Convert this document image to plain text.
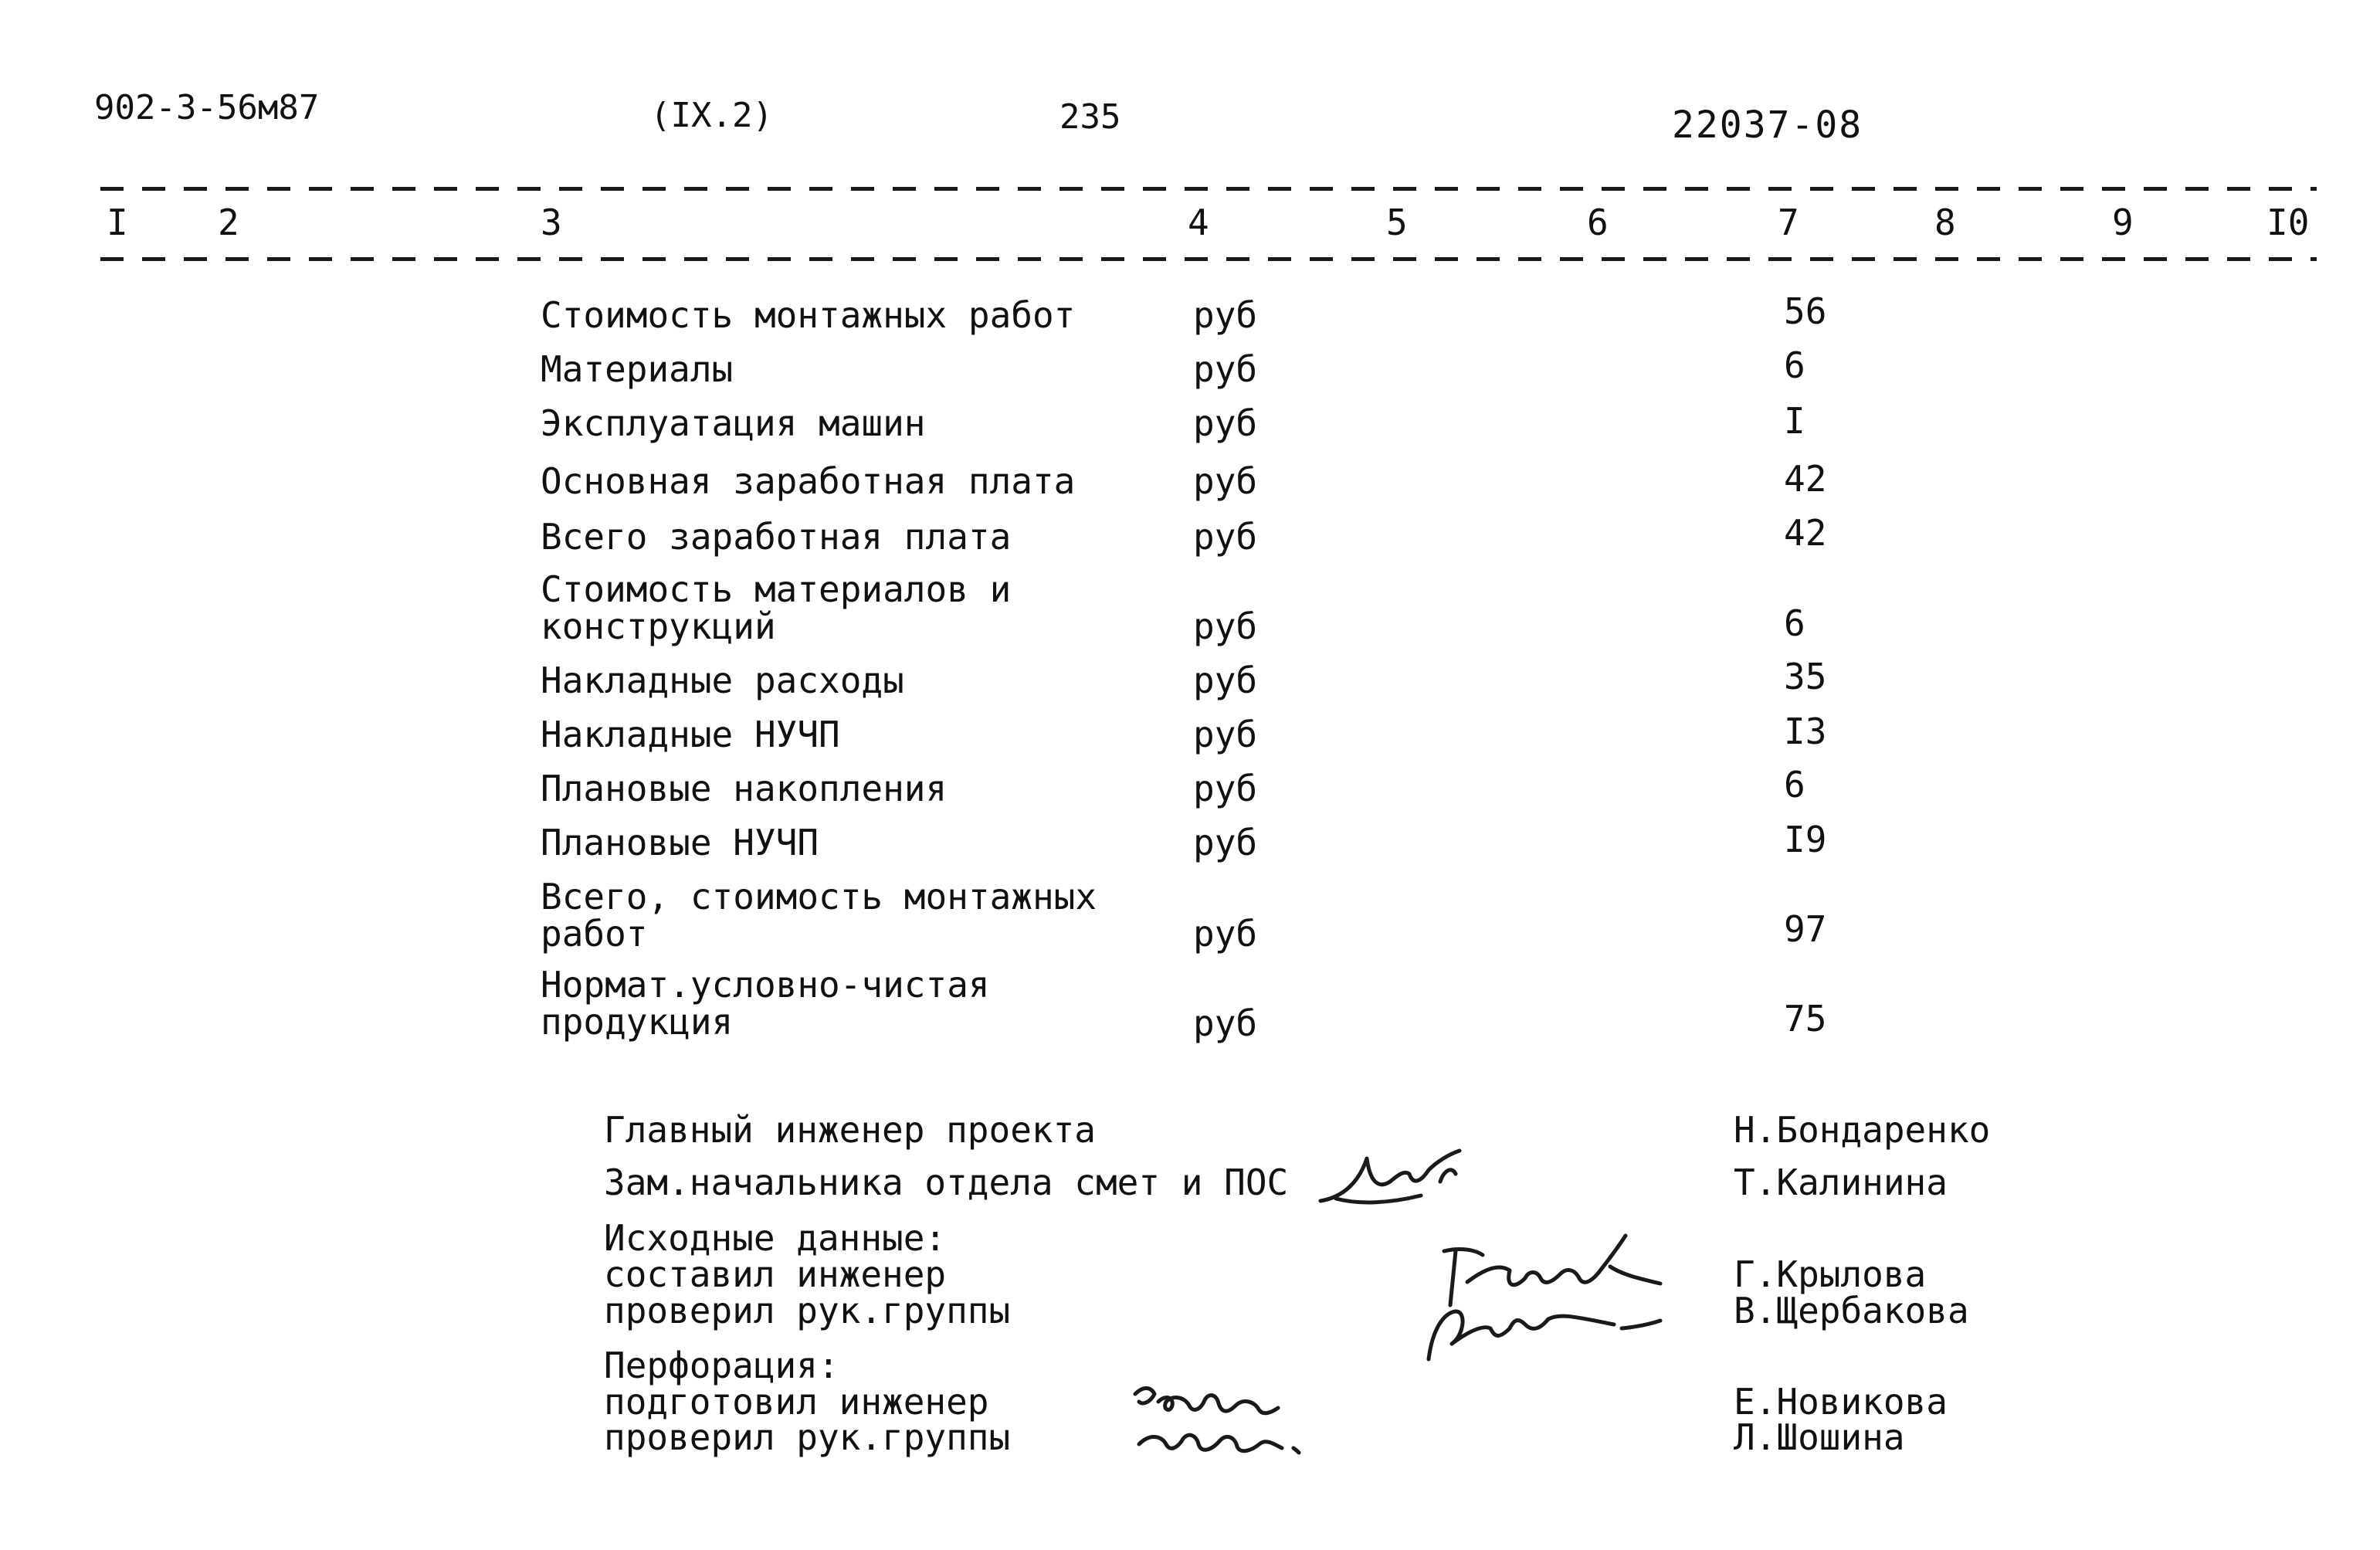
902-3-56м87	(IX.2)	235	22037-08
I	2	3	4	5	6	7	8	9	I0
Стоимость монтажных работ	руб	56
Материалы	руб	6
Эксплуатация машин	руб	I
Основная заработная плата	руб	42
Всего заработная плата	руб	42
Стоимость материалов и
конструкций	руб	6
Накладные расходы	руб	35
Накладные НУЧП	руб	I3
Плановые накопления	руб	6
Плановые НУЧП	руб	I9
Всего, стоимость монтажных
работ	руб	97
Нормат.условно-чистая
продукция	руб	75
Главный инженер проекта	Н.Бондаренко
Зам.начальника отдела смет и ПОС	Т.Калинина
Исходные данные:
составил инженер	Г.Крылова
проверил рук.группы	В.Щербакова
Перфорация:
подготовил инженер	Е.Новикова
проверил рук.группы	Л.Шошина
